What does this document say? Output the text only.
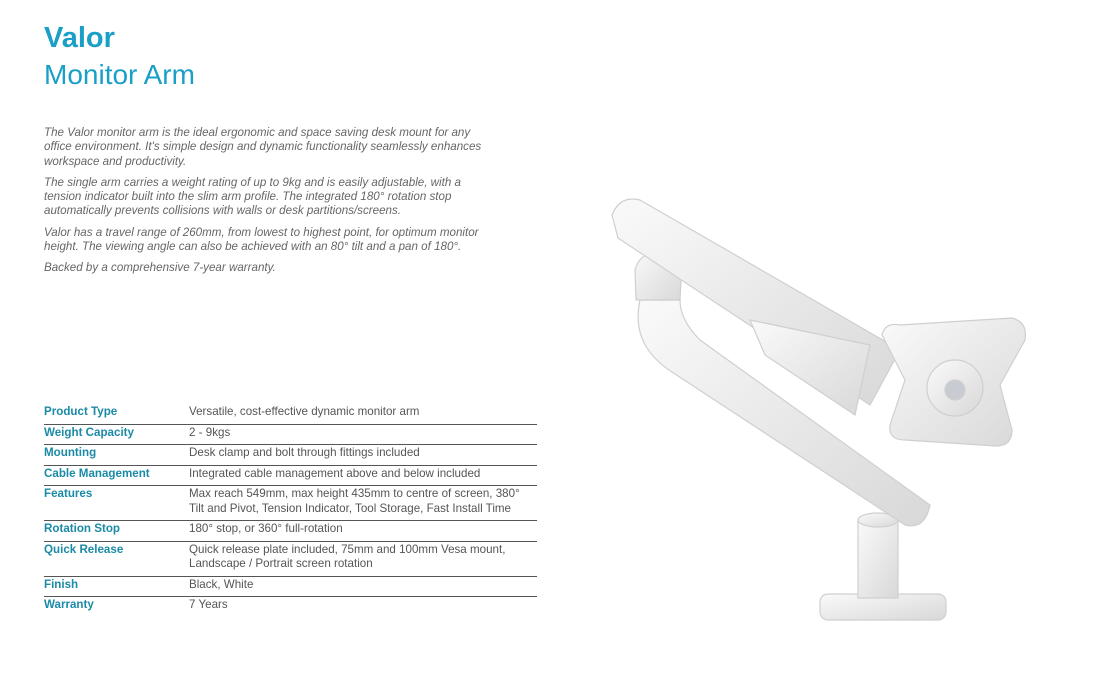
Valor
Monitor Arm

The Valor monitor arm is the ideal ergonomic and space saving desk mount for any office environment. It's simple design and dynamic functionality seamlessly enhances workspace and productivity.

The single arm carries a weight rating of up to 9kg and is easily adjustable, with a tension indicator built into the slim arm profile. The integrated 180° rotation stop automatically prevents collisions with walls or desk partitions/screens.

Valor has a travel range of 260mm, from lowest to highest point, for optimum monitor height. The viewing angle can also be achieved with an 80° tilt and a pan of 180°.

Backed by a comprehensive 7-year warranty.

Product Type	Versatile, cost-effective dynamic monitor arm
Weight Capacity	2 - 9kgs
Mounting	Desk clamp and bolt through fittings included
Cable Management	Integrated cable management above and below included
Features	Max reach 549mm, max height 435mm to centre of screen, 380° Tilt and Pivot, Tension Indicator, Tool Storage, Fast Install Time
Rotation Stop	180° stop, or 360° full-rotation
Quick Release	Quick release plate included, 75mm and 100mm Vesa mount, Landscape / Portrait screen rotation
Finish	Black, White
Warranty	7 Years
